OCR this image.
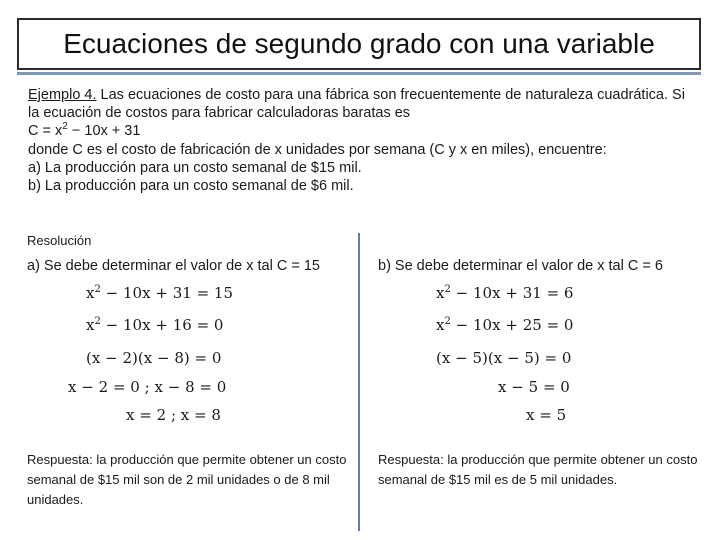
Ecuaciones de segundo grado con una variable
Ejemplo 4. Las ecuaciones de costo para una fábrica son frecuentemente de naturaleza cuadrática. Si
la ecuación de costos para fabricar calculadoras baratas es
$C = x^2 - 10x + 31$
donde C es el costo de fabricación de x unidades por semana (C y x en miles), encuentre:
a) La producción para un costo semanal de $15 mil.
b) La producción para un costo semanal de $6 mil.
Resolución
a) Se debe determinar el valor de x tal C = 15
$x^2 - 10x + 31 = 15$
$x^2 - 10x + 16 = 0$
(x − 2)(x − 8) = 0
x − 2 = 0 ; x − 8 = 0
x = 2 ; x = 8
Respuesta: la producción que permite obtener un costo semanal de $15 mil son de 2 mil unidades o de 8 mil unidades.
b) Se debe determinar el valor de x tal C = 6
$x^2 - 10x + 31 = 6$
$x^2 - 10x + 25 = 0$
(x − 5)(x − 5) = 0
x − 5 = 0
x = 5
Respuesta: la producción que permite obtener un costo semanal de $15 mil es de 5 mil unidades.
